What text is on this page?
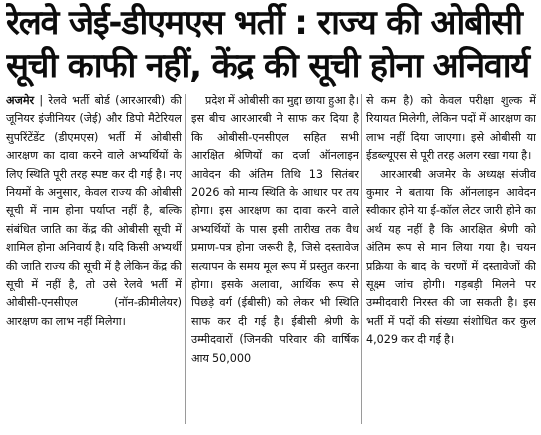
रेलवे जेई-डीएमएस भर्ती : राज्य की ओबीसी
सूची काफी नहीं, केंद्र की सूची होना अनिवार्य

अजमेर | रेलवे भर्ती बोर्ड (आरआरबी) की जूनियर इंजीनियर (जेई) और डिपो मैटेरियल सुपरिंटेंडेंट (डीएमएस) भर्ती में ओबीसी आरक्षण का दावा करने वाले अभ्यर्थियों के लिए स्थिति पूरी तरह स्पष्ट कर दी गई है। नए नियमों के अनुसार, केवल राज्य की ओबीसी सूची में नाम होना पर्याप्त नहीं है, बल्कि संबंधित जाति का केंद्र की ओबीसी सूची में शामिल होना अनिवार्य है। यदि किसी अभ्यर्थी की जाति राज्य की सूची में है लेकिन केंद्र की सूची में नहीं है, तो उसे रेलवे भर्ती में ओबीसी-एनसीएल (नॉन-क्रीमीलेयर) आरक्षण का लाभ नहीं मिलेगा।

प्रदेश में ओबीसी का मुद्दा छाया हुआ है। इस बीच आरआरबी ने साफ कर दिया है कि ओबीसी-एनसीएल सहित सभी आरक्षित श्रेणियों का दर्जा ऑनलाइन आवेदन की अंतिम तिथि 13 सितंबर 2026 को मान्य स्थिति के आधार पर तय होगा। इस आरक्षण का दावा करने वाले अभ्यर्थियों के पास इसी तारीख तक वैध प्रमाण-पत्र होना जरूरी है, जिसे दस्तावेज सत्यापन के समय मूल रूप में प्रस्तुत करना होगा। इसके अलावा, आर्थिक रूप से पिछड़े वर्ग (ईबीसी) को लेकर भी स्थिति साफ कर दी गई है। ईबीसी श्रेणी के उम्मीदवारों (जिनकी परिवार की वार्षिक आय 50,000

से कम है) को केवल परीक्षा शुल्क में रियायत मिलेगी, लेकिन पदों में आरक्षण का लाभ नहीं दिया जाएगा। इसे ओबीसी या ईडब्ल्यूएस से पूरी तरह अलग रखा गया है।

आरआरबी अजमेर के अध्यक्ष संजीव कुमार ने बताया कि ऑनलाइन आवेदन स्वीकार होने या ई-कॉल लेटर जारी होने का अर्थ यह नहीं है कि आरक्षित श्रेणी को अंतिम रूप से मान लिया गया है। चयन प्रक्रिया के बाद के चरणों में दस्तावेजों की सूक्ष्म जांच होगी। गड़बड़ी मिलने पर उम्मीदवारी निरस्त की जा सकती है। इस भर्ती में पदों की संख्या संशोधित कर कुल 4,029 कर दी गई है।
